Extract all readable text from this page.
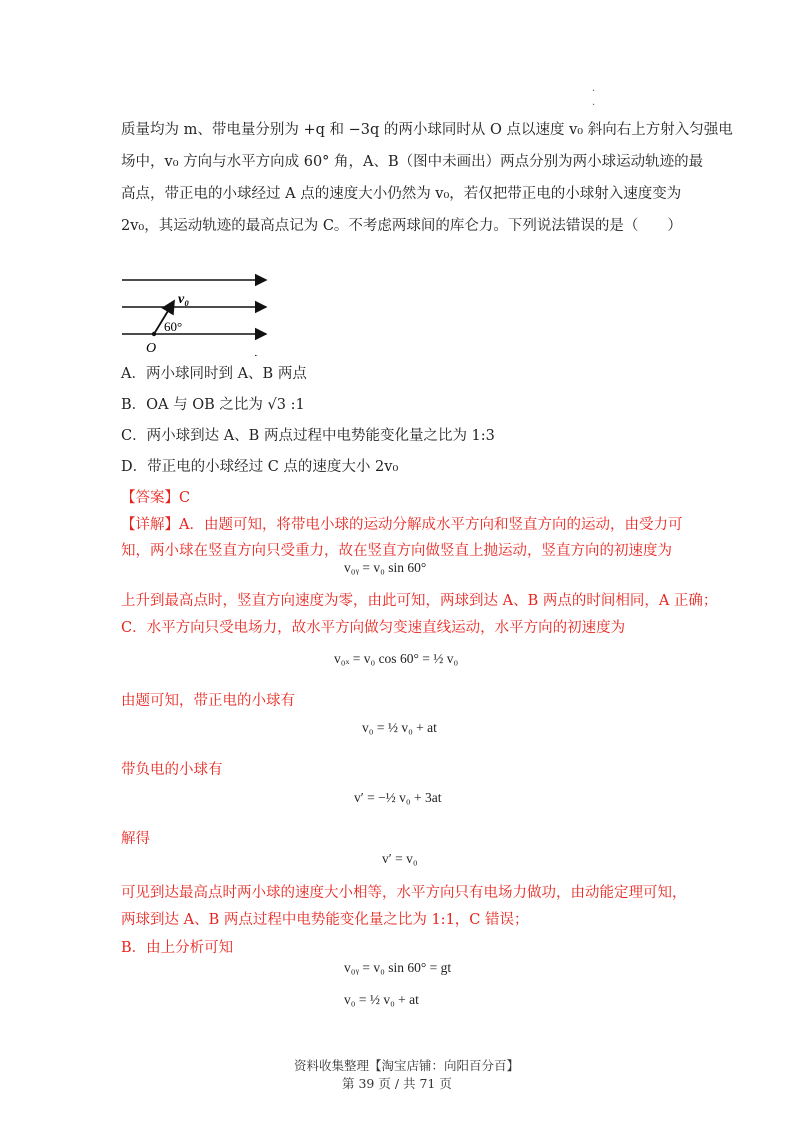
·
·
质量均为 m、带电量分别为 +q 和 −3q 的两小球同时从 O 点以速度 v₀ 斜向右上方射入匀强电
场中，v₀ 方向与水平方向成 60° 角，A、B（图中未画出）两点分别为两小球运动轨迹的最
高点，带正电的小球经过 A 点的速度大小仍然为 v₀，若仅把带正电的小球射入速度变为
2v₀，其运动轨迹的最高点记为 C。不考虑两球间的库仑力。下列说法错误的是（　　）
v₀
60°
O
A．两小球同时到 A、B 两点
B．OA 与 OB 之比为 √3 :1
C．两小球到达 A、B 两点过程中电势能变化量之比为 1:3
D．带正电的小球经过 C 点的速度大小 2v₀
【答案】C
【详解】A．由题可知，将带电小球的运动分解成水平方向和竖直方向的运动，由受力可
知，两小球在竖直方向只受重力，故在竖直方向做竖直上抛运动，竖直方向的初速度为
v₀ᵧ = v₀ sin 60°
上升到最高点时，竖直方向速度为零，由此可知，两球到达 A、B 两点的时间相同，A 正确；
C．水平方向只受电场力，故水平方向做匀变速直线运动，水平方向的初速度为
v₀ₓ = v₀ cos 60° = ½ v₀
由题可知，带正电的小球有
v₀ = ½ v₀ + at
带负电的小球有
v′ = −½ v₀ + 3at
解得
v′ = v₀
可见到达最高点时两小球的速度大小相等，水平方向只有电场力做功，由动能定理可知，
两球到达 A、B 两点过程中电势能变化量之比为 1:1，C 错误；
B．由上分析可知
v₀ᵧ = v₀ sin 60° = gt
v₀ = ½ v₀ + at
资料收集整理【淘宝店铺：向阳百分百】
第 39 页 / 共 71 页
